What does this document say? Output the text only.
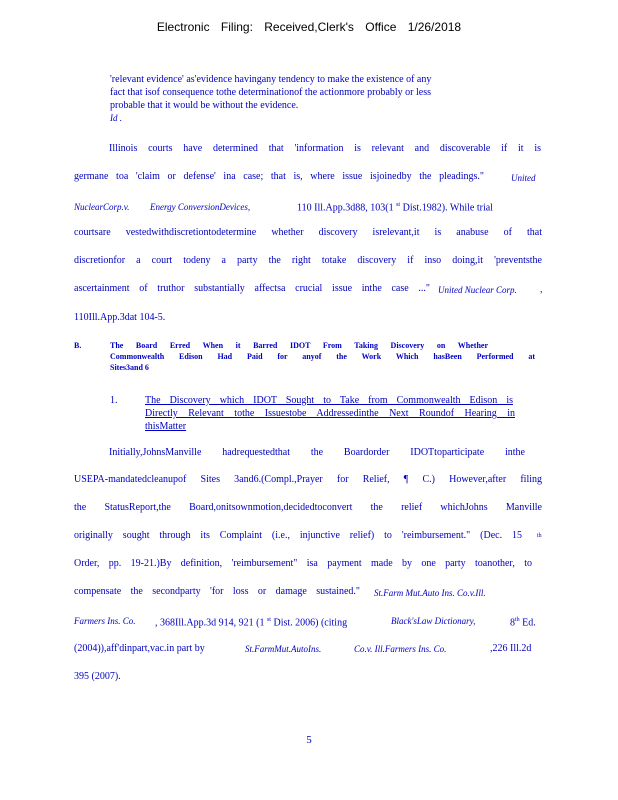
Electronic Filing: Received,Clerk's Office 1/26/2018
'relevant evidence' as'evidence havingany tendency to make the existence of any
fact that isof consequence tothe determinationof the actionmore probably or less
probable that it would be without the evidence.
Id .
Illinois courts have determined that 'information is relevant and discoverable if it is
germane toa 'claim or defense' ina case; that is, where issue isjoinedby the pleadings."	United
NuclearCorp.v. Energy ConversionDevices,	110 Ill.App.3d88, 103(1 $^{st}$ Dist.1982). While trial
courtsare vestedwithdiscretiontodetermine whether discovery isrelevant,it is anabuse of that
discretionfor a court todeny a party the right totake discovery if inso doing,it 'preventsthe
ascertainment of truthor substantially affectsa crucial issue inthe case ..." United Nuclear Corp. ,
110Ill.App.3dat 104-5.
B.	The Board Erred When it Barred IDOT From Taking Discovery on Whether
Commonwealth Edison Had Paid for anyof the Work Which hasBeen Performed at
Sites3and 6
1.	The Discovery which IDOT Sought to Take from Commonwealth Edison is
Directly Relevant tothe Issuestobe Addressedinthe Next Roundof Hearing in
thisMatter
Initially,JohnsManville hadrequestedthat the Boardorder IDOTtoparticipate inthe
USEPA-mandatedcleanupof Sites 3and6.(Compl.,Prayer for Relief, ¶ C.) However,after filing
the StatusReport,the Board,onitsownmotion,decidedtoconvert the relief whichJohns Manville
originally sought through its Complaint (i.e., injunctive relief) to 'reimbursement." (Dec. 15	th
Order, pp. 19-21.)By definition, 'reimbursement" isa payment made by one party toanother, to
compensate the secondparty 'for loss or damage sustained." St.Farm Mut.Auto Ins. Co.v.Ill.
Farmers Ins. Co. , 368Ill.App.3d 914, 921 (1 $^{st}$ Dist. 2006) (citing	Black'sLaw Dictionary,	8th Ed.
(2004)),aff'dinpart,vac.in part by	St.FarmMut.AutoIns.	Co.v. Ill.Farmers Ins. Co.	,226 Ill.2d
395 (2007).
5
